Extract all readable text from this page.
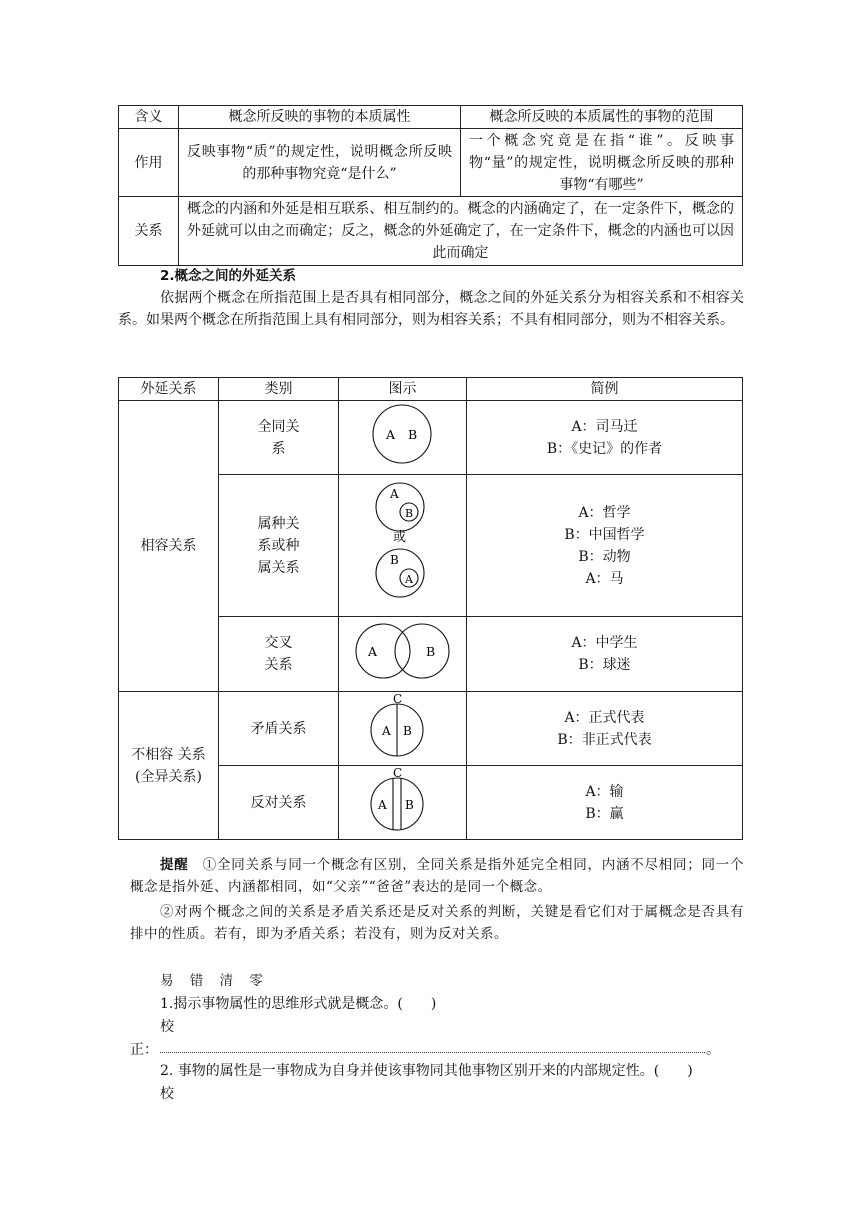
含义	概念所反映的事物的本质属性	概念所反映的本质属性的事物的范围
作用	反映事物“质”的规定性，说明概念所反映的那种事物究竟“是什么”	一个概念究竟是在指“谁”。反映事物“量”的规定性，说明概念所反映的那种事物“有哪些”
关系	概念的内涵和外延是相互联系、相互制约的。概念的内涵确定了，在一定条件下，概念的外延就可以由之而确定；反之，概念的外延确定了，在一定条件下，概念的内涵也可以因此而确定	
2.概念之间的外延关系
依据两个概念在所指范围上是否具有相同部分，概念之间的外延关系分为相容关系和不相容关系。如果两个概念在所指范围上具有相同部分，则为相容关系；不具有相同部分，则为不相容关系。
外延关系	类别	图示	简例
相容关系	全同关系	A B	A：司马迁
B：《史记》的作者

	属种关系或种属关系	A
B
或
B
A	A：哲学
B：中国哲学
B：动物
A：马

	交叉关系	A B	A：中学生
B：球迷

不相容 关系(全异关系)	矛盾关系	C
A B	A：正式代表
B：非正式代表

	反对关系	C
A B	A：输
B：赢
提醒　 ①全同关系与同一个概念有区别，全同关系是指外延完全相同，内涵不尽相同；同一个概念是指外延、内涵都相同，如“父亲”“爸爸”表达的是同一个概念。
②对两个概念之间的关系是矛盾关系还是反对关系的判断，关键是看它们对于属概念是否具有排中的性质。若有，即为矛盾关系；若没有，则为反对关系。
易 错 清 零
1.揭示事物属性的思维形式就是概念。(　　)
校
正：	。
2. 事物的属性是一事物成为自身并使该事物同其他事物区别开来的内部规定性。(　　)
校
